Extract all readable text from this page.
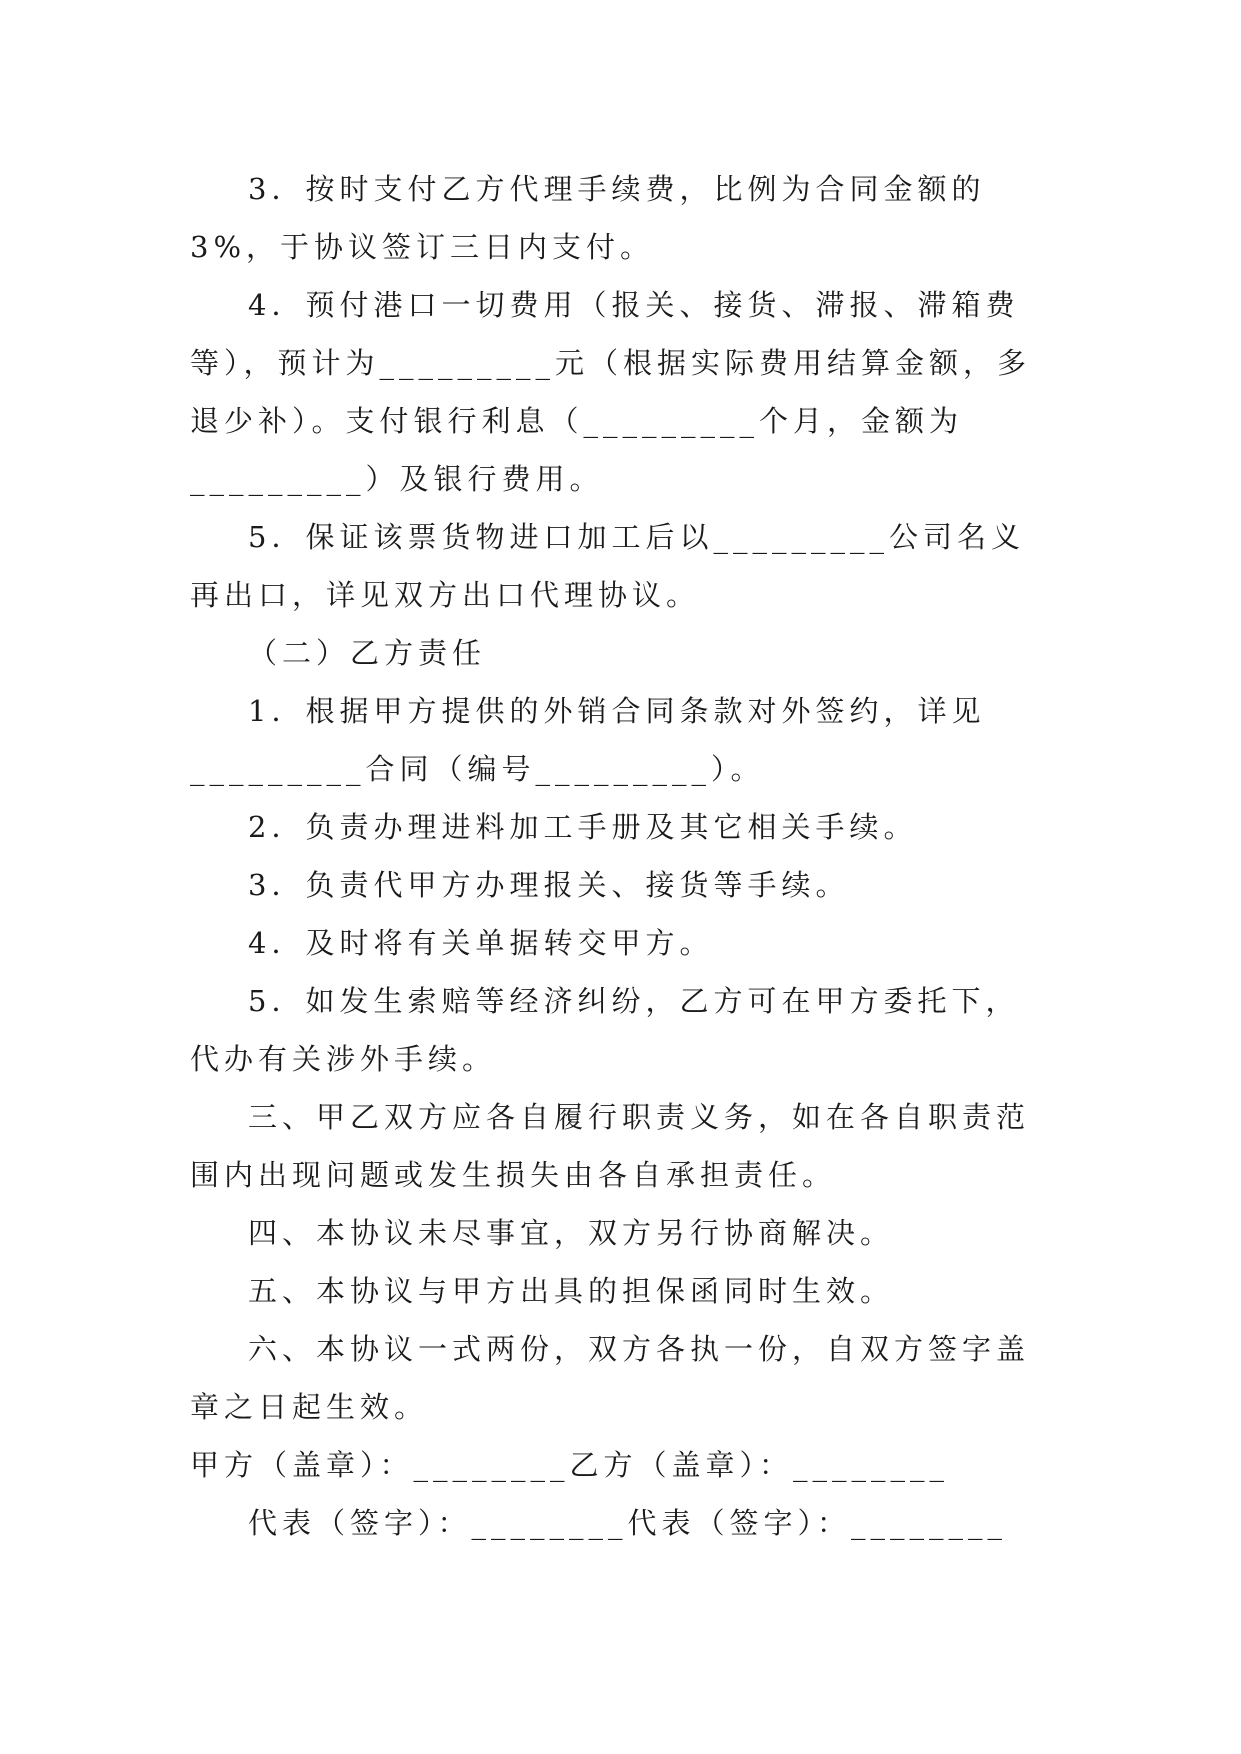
3．按时支付乙方代理手续费，比例为合同金额的3%，于协议签订三日内支付。

4．预付港口一切费用（报关、接货、滞报、滞箱费等），预计为_________元（根据实际费用结算金额，多退少补）。支付银行利息（_________个月，金额为_________）及银行费用。

5．保证该票货物进口加工后以_________公司名义再出口，详见双方出口代理协议。

（二）乙方责任

1．根据甲方提供的外销合同条款对外签约，详见_________合同（编号_________）。

2．负责办理进料加工手册及其它相关手续。

3．负责代甲方办理报关、接货等手续。

4．及时将有关单据转交甲方。

5．如发生索赔等经济纠纷，乙方可在甲方委托下，代办有关涉外手续。

三、甲乙双方应各自履行职责义务，如在各自职责范围内出现问题或发生损失由各自承担责任。

四、本协议未尽事宜，双方另行协商解决。

五、本协议与甲方出具的担保函同时生效。

六、本协议一式两份，双方各执一份，自双方签字盖章之日起生效。

甲方（盖章）：________乙方（盖章）：________

代表（签字）：________代表（签字）：________
